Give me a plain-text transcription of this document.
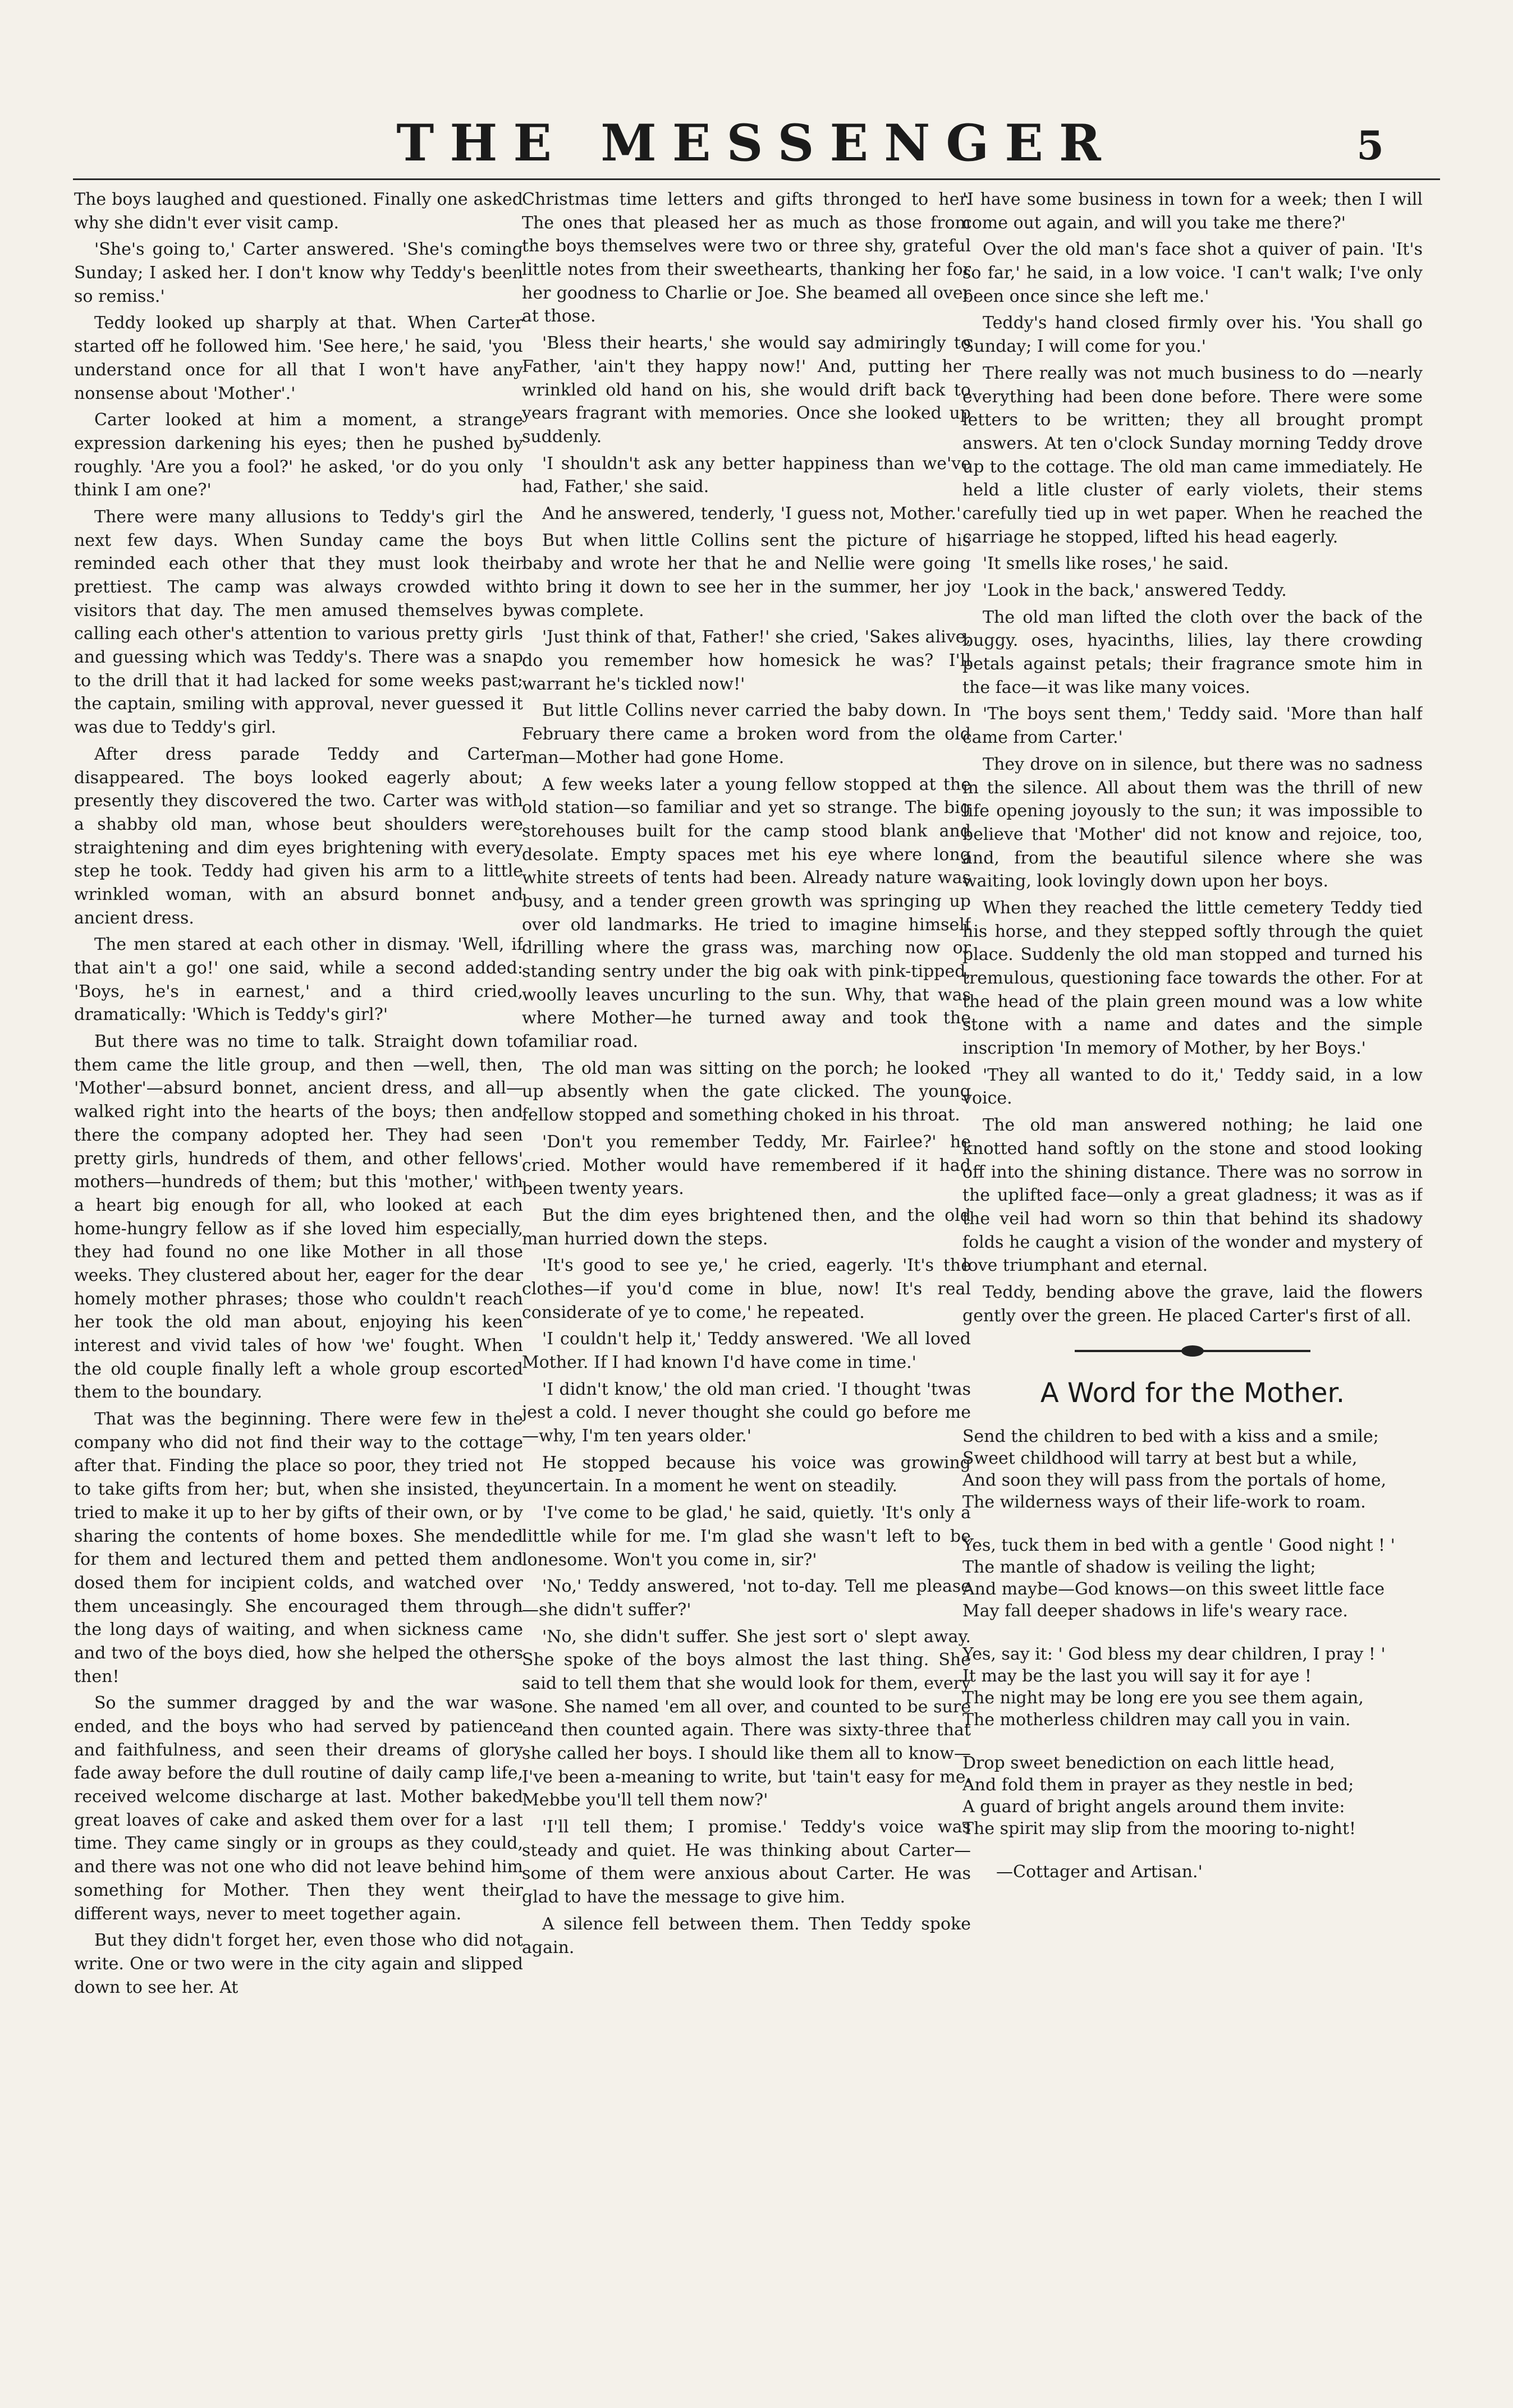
THE MESSENGER	5

The boys laughed and questioned. Finally one asked why she didn't ever visit camp.

'She's going to,' Carter answered. 'She's coming Sunday; I asked her. I don't know why Teddy's been so remiss.'

Teddy looked up sharply at that. When Carter started off he followed him. 'See here,' he said, 'you understand once for all that I won't have any nonsense about 'Mother'.'

Carter looked at him a moment, a strange expression darkening his eyes; then he pushed by roughly. 'Are you a fool?' he asked, 'or do you only think I am one?'

There were many allusions to Teddy's girl the next few days. When Sunday came the boys reminded each other that they must look their prettiest. The camp was always crowded with visitors that day. The men amused themselves by calling each other's attention to various pretty girls and guessing which was Teddy's. There was a snap to the drill that it had lacked for some weeks past; the captain, smiling with approval, never guessed it was due to Teddy's girl.

After dress parade Teddy and Carter disappeared. The boys looked eagerly about; presently they discovered the two. Carter was with a shabby old man, whose beut shoulders were straightening and dim eyes brightening with every step he took. Teddy had given his arm to a little wrinkled woman, with an absurd bonnet and ancient dress.

The men stared at each other in dismay. 'Well, if that ain't a go!' one said, while a second added: 'Boys, he's in earnest,' and a third cried, dramatically: 'Which is Teddy's girl?'

But there was no time to talk. Straight down to them came the litle group, and then —well, then, 'Mother'—absurd bonnet, ancient dress, and all—walked right into the hearts of the boys; then and there the company adopted her. They had seen pretty girls, hundreds of them, and other fellows' mothers—hundreds of them; but this 'mother,' with a heart big enough for all, who looked at each home-hungry fellow as if she loved him especially, they had found no one like Mother in all those weeks. They clustered about her, eager for the dear homely mother phrases; those who couldn't reach her took the old man about, enjoying his keen interest and vivid tales of how 'we' fought. When the old couple finally left a whole group escorted them to the boundary.

That was the beginning. There were few in the company who did not find their way to the cottage after that. Finding the place so poor, they tried not to take gifts from her; but, when she insisted, they tried to make it up to her by gifts of their own, or by sharing the contents of home boxes. She mended for them and lectured them and petted them and dosed them for incipient colds, and watched over them unceasingly. She encouraged them through the long days of waiting, and when sickness came and two of the boys died, how she helped the others then!

So the summer dragged by and the war was ended, and the boys who had served by patience and faithfulness, and seen their dreams of glory fade away before the dull routine of daily camp life, received welcome discharge at last. Mother baked great loaves of cake and asked them over for a last time. They came singly or in groups as they could, and there was not one who did not leave behind him something for Mother. Then they went their different ways, never to meet together again.

But they didn't forget her, even those who did not write. One or two were in the city again and slipped down to see her. At

Christmas time letters and gifts thronged to her. The ones that pleased her as much as those from the boys themselves were two or three shy, grateful little notes from their sweethearts, thanking her for her goodness to Charlie or Joe. She beamed all over at those.

'Bless their hearts,' she would say admiringly to Father, 'ain't they happy now!' And, putting her wrinkled old hand on his, she would drift back to years fragrant with memories. Once she looked up suddenly.

'I shouldn't ask any better happiness than we've had, Father,' she said.

And he answered, tenderly, 'I guess not, Mother.'

But when little Collins sent the picture of his baby and wrote her that he and Nellie were going to bring it down to see her in the summer, her joy was complete.

'Just think of that, Father!' she cried, 'Sakes alive, do you remember how homesick he was? I'll warrant he's tickled now!'

But little Collins never carried the baby down. In February there came a broken word from the old man—Mother had gone Home.

A few weeks later a young fellow stopped at the old station—so familiar and yet so strange. The big storehouses built for the camp stood blank and desolate. Empty spaces met his eye where long white streets of tents had been. Already nature was busy, and a tender green growth was springing up over old landmarks. He tried to imagine himself drilling where the grass was, marching now or standing sentry under the big oak with pink-tipped, woolly leaves uncurling to the sun. Why, that was where Mother—he turned away and took the familiar road.

The old man was sitting on the porch; he looked up absently when the gate clicked. The young fellow stopped and something choked in his throat.

'Don't you remember Teddy, Mr. Fairlee?' he cried. Mother would have remembered if it had been twenty years.

But the dim eyes brightened then, and the old man hurried down the steps.

'It's good to see ye,' he cried, eagerly. 'It's the clothes—if you'd come in blue, now! It's real considerate of ye to come,' he repeated.

'I couldn't help it,' Teddy answered. 'We all loved Mother. If I had known I'd have come in time.'

'I didn't know,' the old man cried. 'I thought 'twas jest a cold. I never thought she could go before me—why, I'm ten years older.'

He stopped because his voice was growing uncertain. In a moment he went on steadily.

'I've come to be glad,' he said, quietly. 'It's only a little while for me. I'm glad she wasn't left to be lonesome. Won't you come in, sir?'

'No,' Teddy answered, 'not to-day. Tell me please—she didn't suffer?'

'No, she didn't suffer. She jest sort o' slept away. She spoke of the boys almost the last thing. She said to tell them that she would look for them, every one. She named 'em all over, and counted to be sure and then counted again. There was sixty-three that she called her boys. I should like them all to know—I've been a-meaning to write, but 'tain't easy for me. Mebbe you'll tell them now?'

'I'll tell them; I promise.' Teddy's voice was steady and quiet. He was thinking about Carter—some of them were anxious about Carter. He was glad to have the message to give him.

A silence fell between them. Then Teddy spoke again.

'I have some business in town for a week; then I will come out again, and will you take me there?'

Over the old man's face shot a quiver of pain. 'It's so far,' he said, in a low voice. 'I can't walk; I've only been once since she left me.'

Teddy's hand closed firmly over his. 'You shall go Sunday; I will come for you.'

There really was not much business to do —nearly everything had been done before. There were some letters to be written; they all brought prompt answers. At ten o'clock Sunday morning Teddy drove up to the cottage. The old man came immediately. He held a litle cluster of early violets, their stems carefully tied up in wet paper. When he reached the carriage he stopped, lifted his head eagerly.

'It smells like roses,' he said.

'Look in the back,' answered Teddy.

The old man lifted the cloth over the back of the buggy. oses, hyacinths, lilies, lay there crowding petals against petals; their fragrance smote him in the face—it was like many voices.

'The boys sent them,' Teddy said. 'More than half came from Carter.'

They drove on in silence, but there was no sadness in the silence. All about them was the thrill of new life opening joyously to the sun; it was impossible to believe that 'Mother' did not know and rejoice, too, and, from the beautiful silence where she was waiting, look lovingly down upon her boys.

When they reached the little cemetery Teddy tied his horse, and they stepped softly through the quiet place. Suddenly the old man stopped and turned his tremulous, questioning face towards the other. For at the head of the plain green mound was a low white stone with a name and dates and the simple inscription 'In memory of Mother, by her Boys.'

'They all wanted to do it,' Teddy said, in a low voice.

The old man answered nothing; he laid one knotted hand softly on the stone and stood looking off into the shining distance. There was no sorrow in the uplifted face—only a great gladness; it was as if the veil had worn so thin that behind its shadowy folds he caught a vision of the wonder and mystery of love triumphant and eternal.

Teddy, bending above the grave, laid the flowers gently over the green. He placed Carter's first of all.

A Word for the Mother.
Send the children to bed with a kiss and a smile;
Sweet childhood will tarry at best but a while,
And soon they will pass from the portals of home,
The wilderness ways of their life-work to roam.
Yes, tuck them in bed with a gentle ' Good night ! '
The mantle of shadow is veiling the light;
And maybe—God knows—on this sweet little face
May fall deeper shadows in life's weary race.
Yes, say it: ' God bless my dear children, I pray ! '
It may be the last you will say it for aye !
The night may be long ere you see them again,
The motherless children may call you in vain.
Drop sweet benediction on each little head,
And fold them in prayer as they nestle in bed;
A guard of bright angels around them invite:
The spirit may slip from the mooring to-night!
—Cottager and Artisan.'
